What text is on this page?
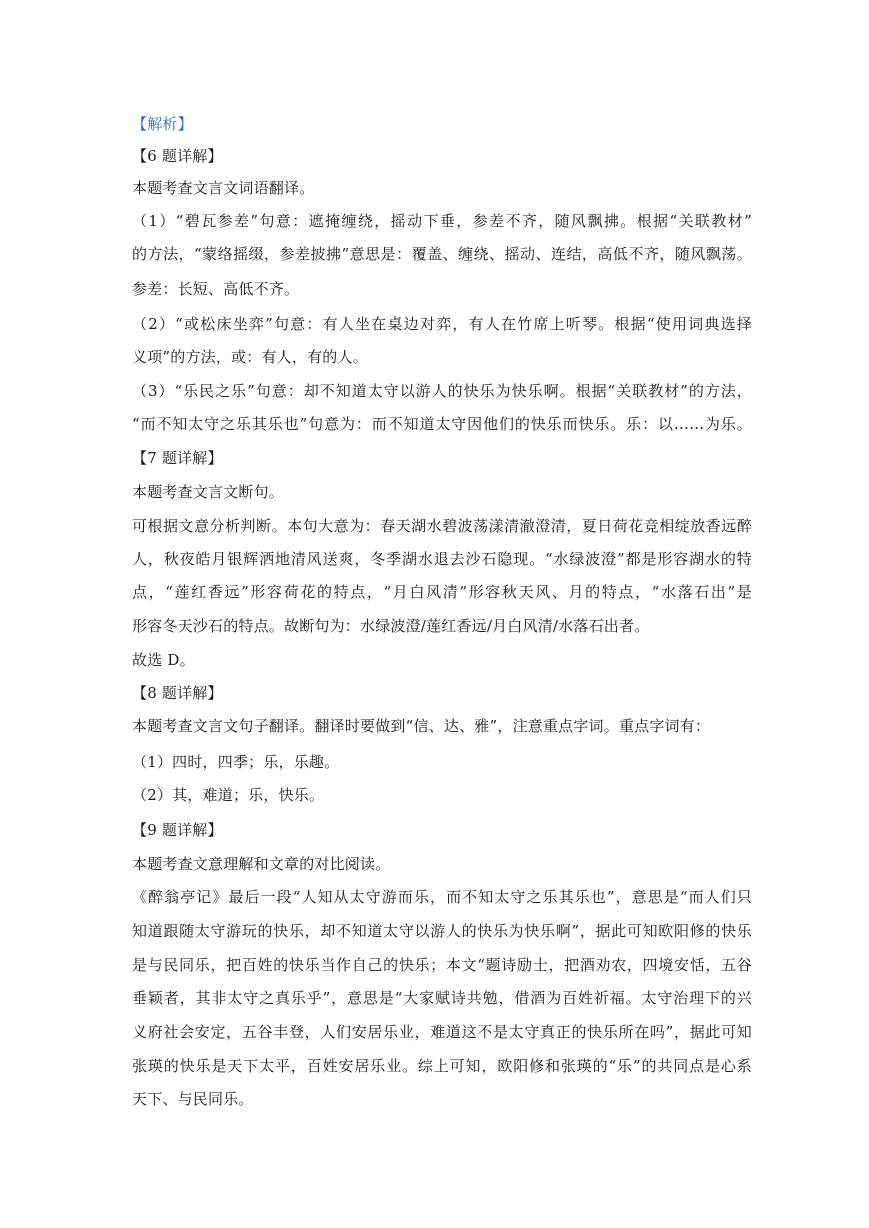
【解析】
【6 题详解】
本题考查文言文词语翻译。
（1）“碧瓦参差”句意：遮掩缠绕，摇动下垂，参差不齐，随风飘拂。根据“关联教材”
的方法，“蒙络摇缀，参差披拂”意思是：覆盖、缠绕、摇动、连结，高低不齐，随风飘荡。
参差：长短、高低不齐。
（2）“或松床坐弈”句意：有人坐在桌边对弈，有人在竹席上听琴。根据“使用词典选择
义项”的方法，或：有人，有的人。
（3）“乐民之乐”句意：却不知道太守以游人的快乐为快乐啊。根据“关联教材”的方法，
“而不知太守之乐其乐也”句意为：而不知道太守因他们的快乐而快乐。乐：以……为乐。
【7 题详解】
本题考查文言文断句。
可根据文意分析判断。本句大意为：春天湖水碧波荡漾清澈澄清，夏日荷花竞相绽放香远醉
人，秋夜皓月银辉洒地清风送爽，冬季湖水退去沙石隐现。“水绿波澄”都是形容湖水的特
点，“莲红香远”形容荷花的特点，“月白风清”形容秋天风、月的特点，“水落石出”是
形容冬天沙石的特点。故断句为：水绿波澄/莲红香远/月白风清/水落石出者。
故选 D。
【8 题详解】
本题考查文言文句子翻译。翻译时要做到“信、达、雅”，注意重点字词。重点字词有：
（1）四时，四季；乐，乐趣。
（2）其，难道；乐，快乐。
【9 题详解】
本题考查文意理解和文章的对比阅读。
《醉翁亭记》最后一段“人知从太守游而乐，而不知太守之乐其乐也”，意思是“而人们只
知道跟随太守游玩的快乐，却不知道太守以游人的快乐为快乐啊”，据此可知欧阳修的快乐
是与民同乐，把百姓的快乐当作自己的快乐；本文“题诗励士，把酒劝农，四境安恬，五谷
垂颖者，其非太守之真乐乎”，意思是“大家赋诗共勉，借酒为百姓祈福。太守治理下的兴
义府社会安定，五谷丰登，人们安居乐业，难道这不是太守真正的快乐所在吗”，据此可知
张瑛的快乐是天下太平，百姓安居乐业。综上可知，欧阳修和张瑛的“乐”的共同点是心系
天下、与民同乐。
